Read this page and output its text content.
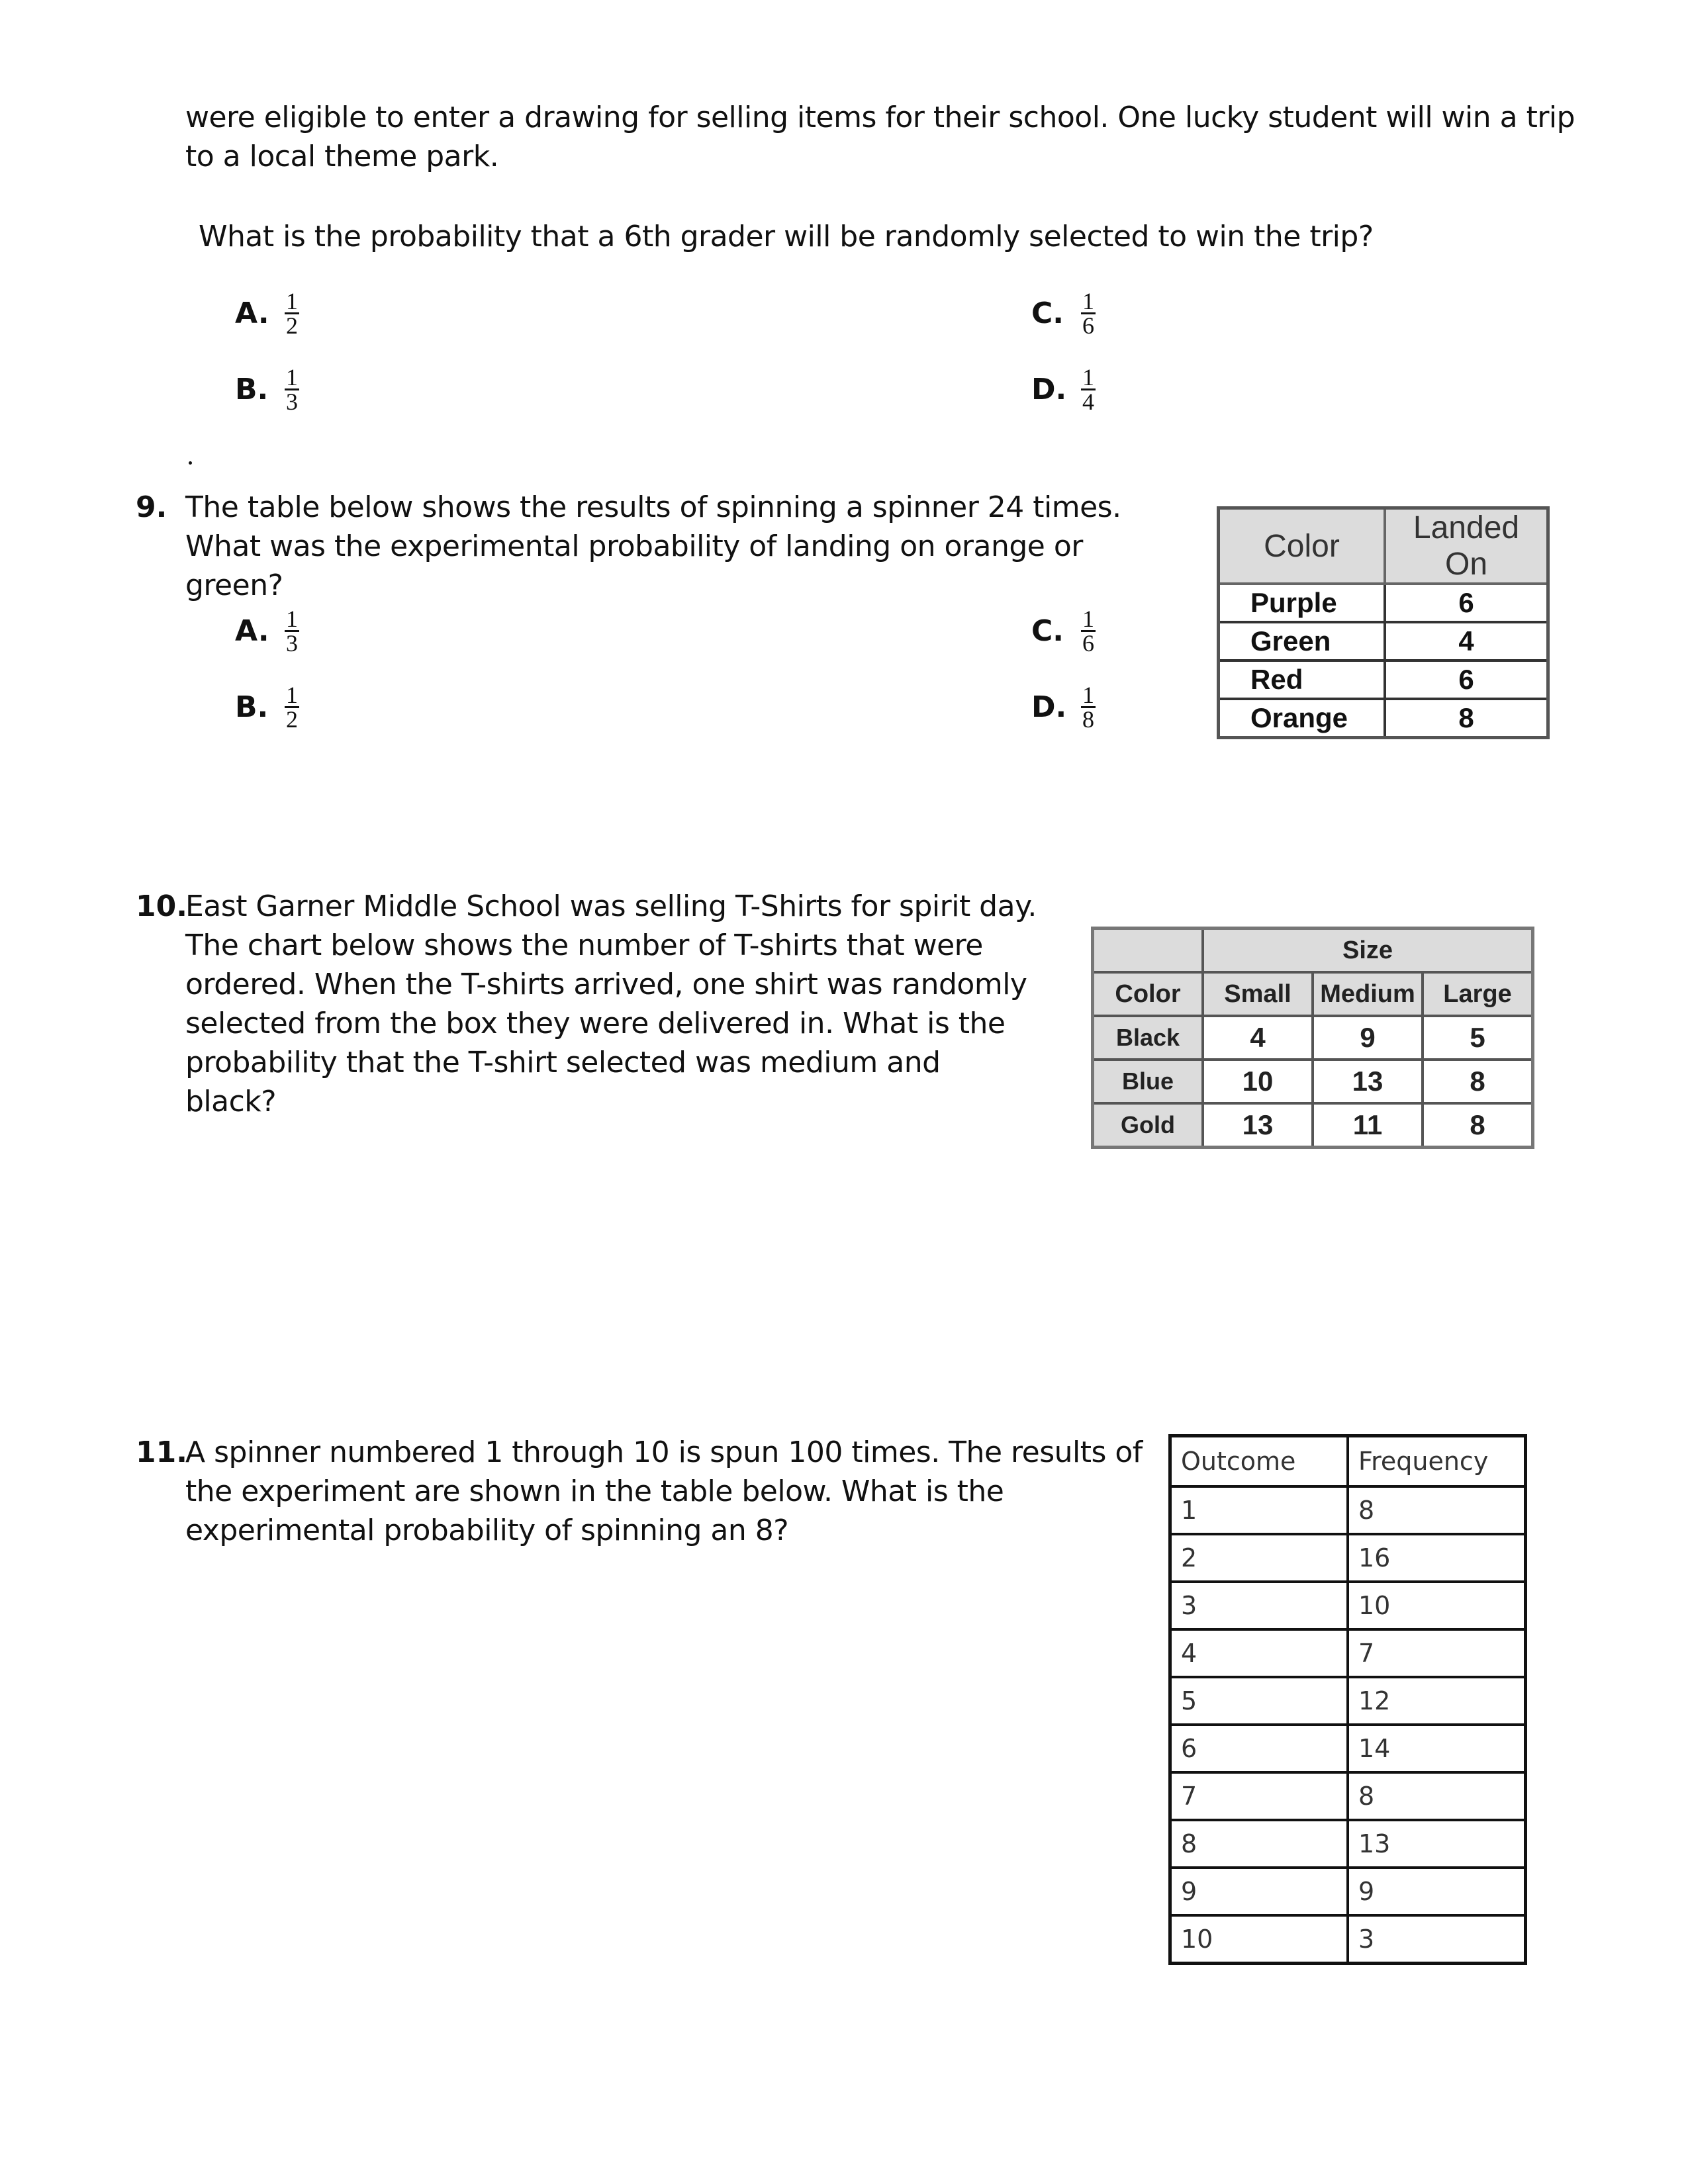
were eligible to enter a drawing for selling items for their school. One lucky student will win a trip
to a local theme park.
What is the probability that a 6th grader will be randomly selected to win the trip?
A. $\frac{1}{2}$
B. $\frac{1}{3}$
C. $\frac{1}{6}$
D. $\frac{1}{4}$
9. The table below shows the results of spinning a spinner 24 times.
What was the experimental probability of landing on orange or
green?
A. $\frac{1}{3}$
B. $\frac{1}{2}$
C. $\frac{1}{6}$
D. $\frac{1}{8}$
Color	Landed On
Purple	6
Green	4
Red	6
Orange	8
10.
East Garner Middle School was selling T-Shirts for spirit day.
The chart below shows the number of T-shirts that were
ordered. When the T-shirts arrived, one shirt was randomly
selected from the box they were delivered in. What is the
probability that the T-shirt selected was medium and
black?
	Size		
Color	Small	Medium	Large
Black	4	9	5
Blue	10	13	8
Gold	13	11	8
11.
A spinner numbered 1 through 10 is spun 100 times. The results of
the experiment are shown in the table below. What is the
experimental probability of spinning an 8?
Outcome	Frequency
1	8
2	16
3	10
4	7
5	12
6	14
7	8
8	13
9	9
10	3
